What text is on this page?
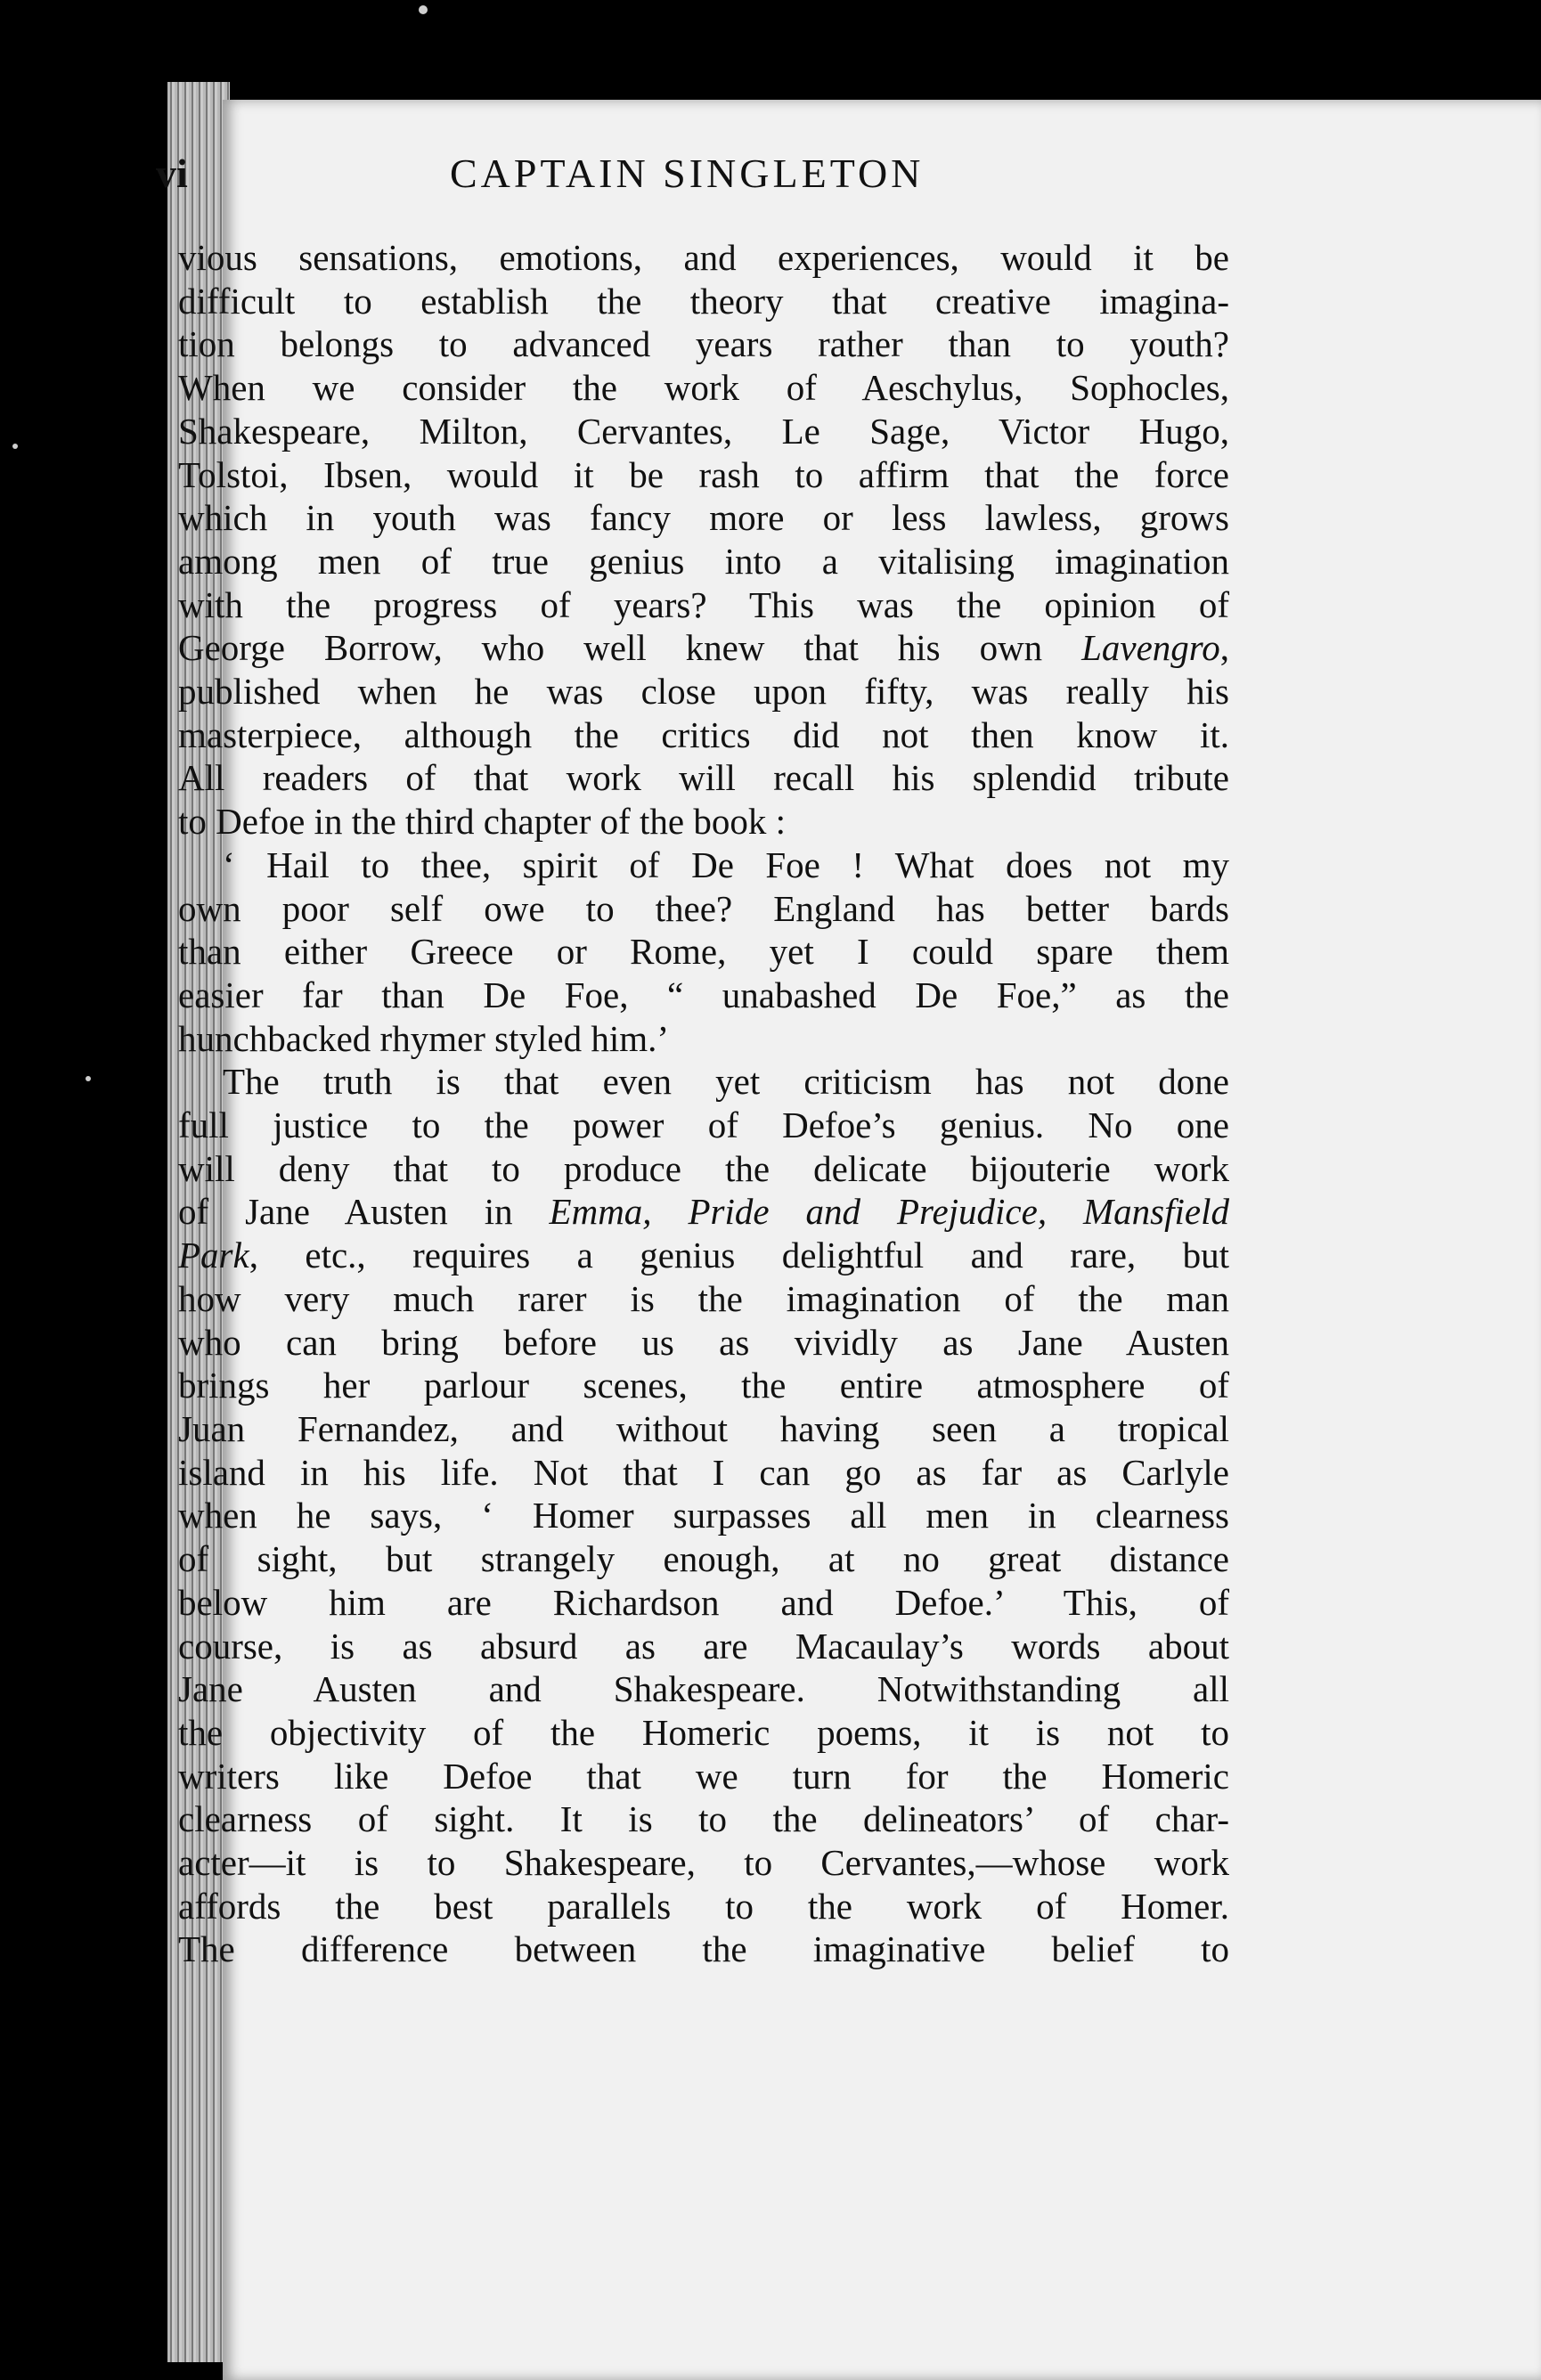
vi	CAPTAIN SINGLETON
vious sensations, emotions, and experiences, would it be
difficult to establish the theory that creative imagina-
tion belongs to advanced years rather than to youth?
When we consider the work of Aeschylus, Sophocles,
Shakespeare, Milton, Cervantes, Le Sage, Victor Hugo,
Tolstoi, Ibsen, would it be rash to affirm that the force
which in youth was fancy more or less lawless, grows
among men of true genius into a vitalising imagination
with the progress of years? This was the opinion of
George Borrow, who well knew that his own Lavengro,
published when he was close upon fifty, was really his
masterpiece, although the critics did not then know it.
All readers of that work will recall his splendid tribute
to Defoe in the third chapter of the book :
‘ Hail to thee, spirit of De Foe ! What does not my
own poor self owe to thee? England has better bards
than either Greece or Rome, yet I could spare them
easier far than De Foe, “ unabashed De Foe,” as the
hunchbacked rhymer styled him.’
The truth is that even yet criticism has not done
full justice to the power of Defoe’s genius. No one
will deny that to produce the delicate bijouterie work
of Jane Austen in Emma, Pride and Prejudice, Mansfield
Park, etc., requires a genius delightful and rare, but
how very much rarer is the imagination of the man
who can bring before us as vividly as Jane Austen
brings her parlour scenes, the entire atmosphere of
Juan Fernandez, and without having seen a tropical
island in his life. Not that I can go as far as Carlyle
when he says, ‘ Homer surpasses all men in clearness
of sight, but strangely enough, at no great distance
below him are Richardson and Defoe.’ This, of
course, is as absurd as are Macaulay’s words about
Jane Austen and Shakespeare. Notwithstanding all
the objectivity of the Homeric poems, it is not to
writers like Defoe that we turn for the Homeric
clearness of sight. It is to the delineators’ of char-
acter—it is to Shakespeare, to Cervantes,—whose work
affords the best parallels to the work of Homer.
The difference between the imaginative belief to
